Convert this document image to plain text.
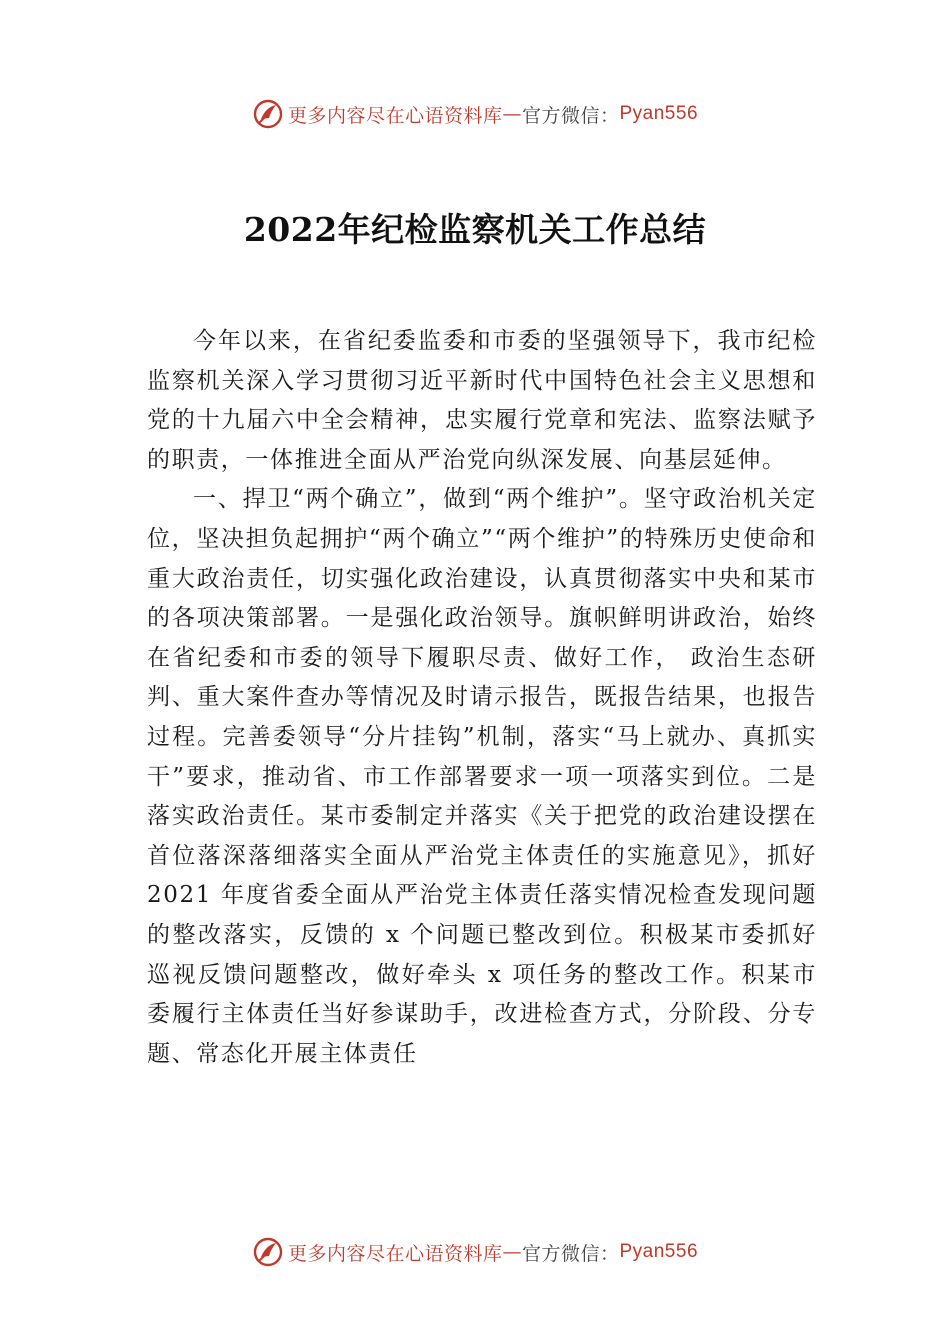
更多内容尽在心语资料库 — 官方微信： Pyan556
2022年纪检监察机关工作总结

今年以来，在省纪委监委和市委的坚强领导下，我市纪检监察机关深入学习贯彻习近平新时代中国特色社会主义思想和党的十九届六中全会精神，忠实履行党章和宪法、监察法赋予的职责，一体推进全面从严治党向纵深发展、向基层延伸。

一、捍卫“两个确立”，做到“两个维护”。坚守政治机关定位，坚决担负起拥护“两个确立”“两个维护”的特殊历史使命和重大政治责任，切实强化政治建设，认真贯彻落实中央和某市的各项决策部署。一是强化政治领导。旗帜鲜明讲政治，始终在省纪委和市委的领导下履职尽责、做好工作， 政治生态研判、重大案件查办等情况及时请示报告，既报告结果，也报告过程。完善委领导“分片挂钩”机制，落实“马上就办、真抓实干”要求，推动省、市工作部署要求一项一项落实到位。二是落实政治责任。某市委制定并落实《关于把党的政治建设摆在首位落深落细落实全面从严治党主体责任的实施意见》，抓好 2021 年度省委全面从严治党主体责任落实情况检查发现问题的整改落实，反馈的 x 个问题已整改到位。积极某市委抓好巡视反馈问题整改，做好牵头 x 项任务的整改工作。积某市委履行主体责任当好参谋助手，改进检查方式，分阶段、分专题、常态化开展主体责任

更多内容尽在心语资料库 — 官方微信： Pyan556
